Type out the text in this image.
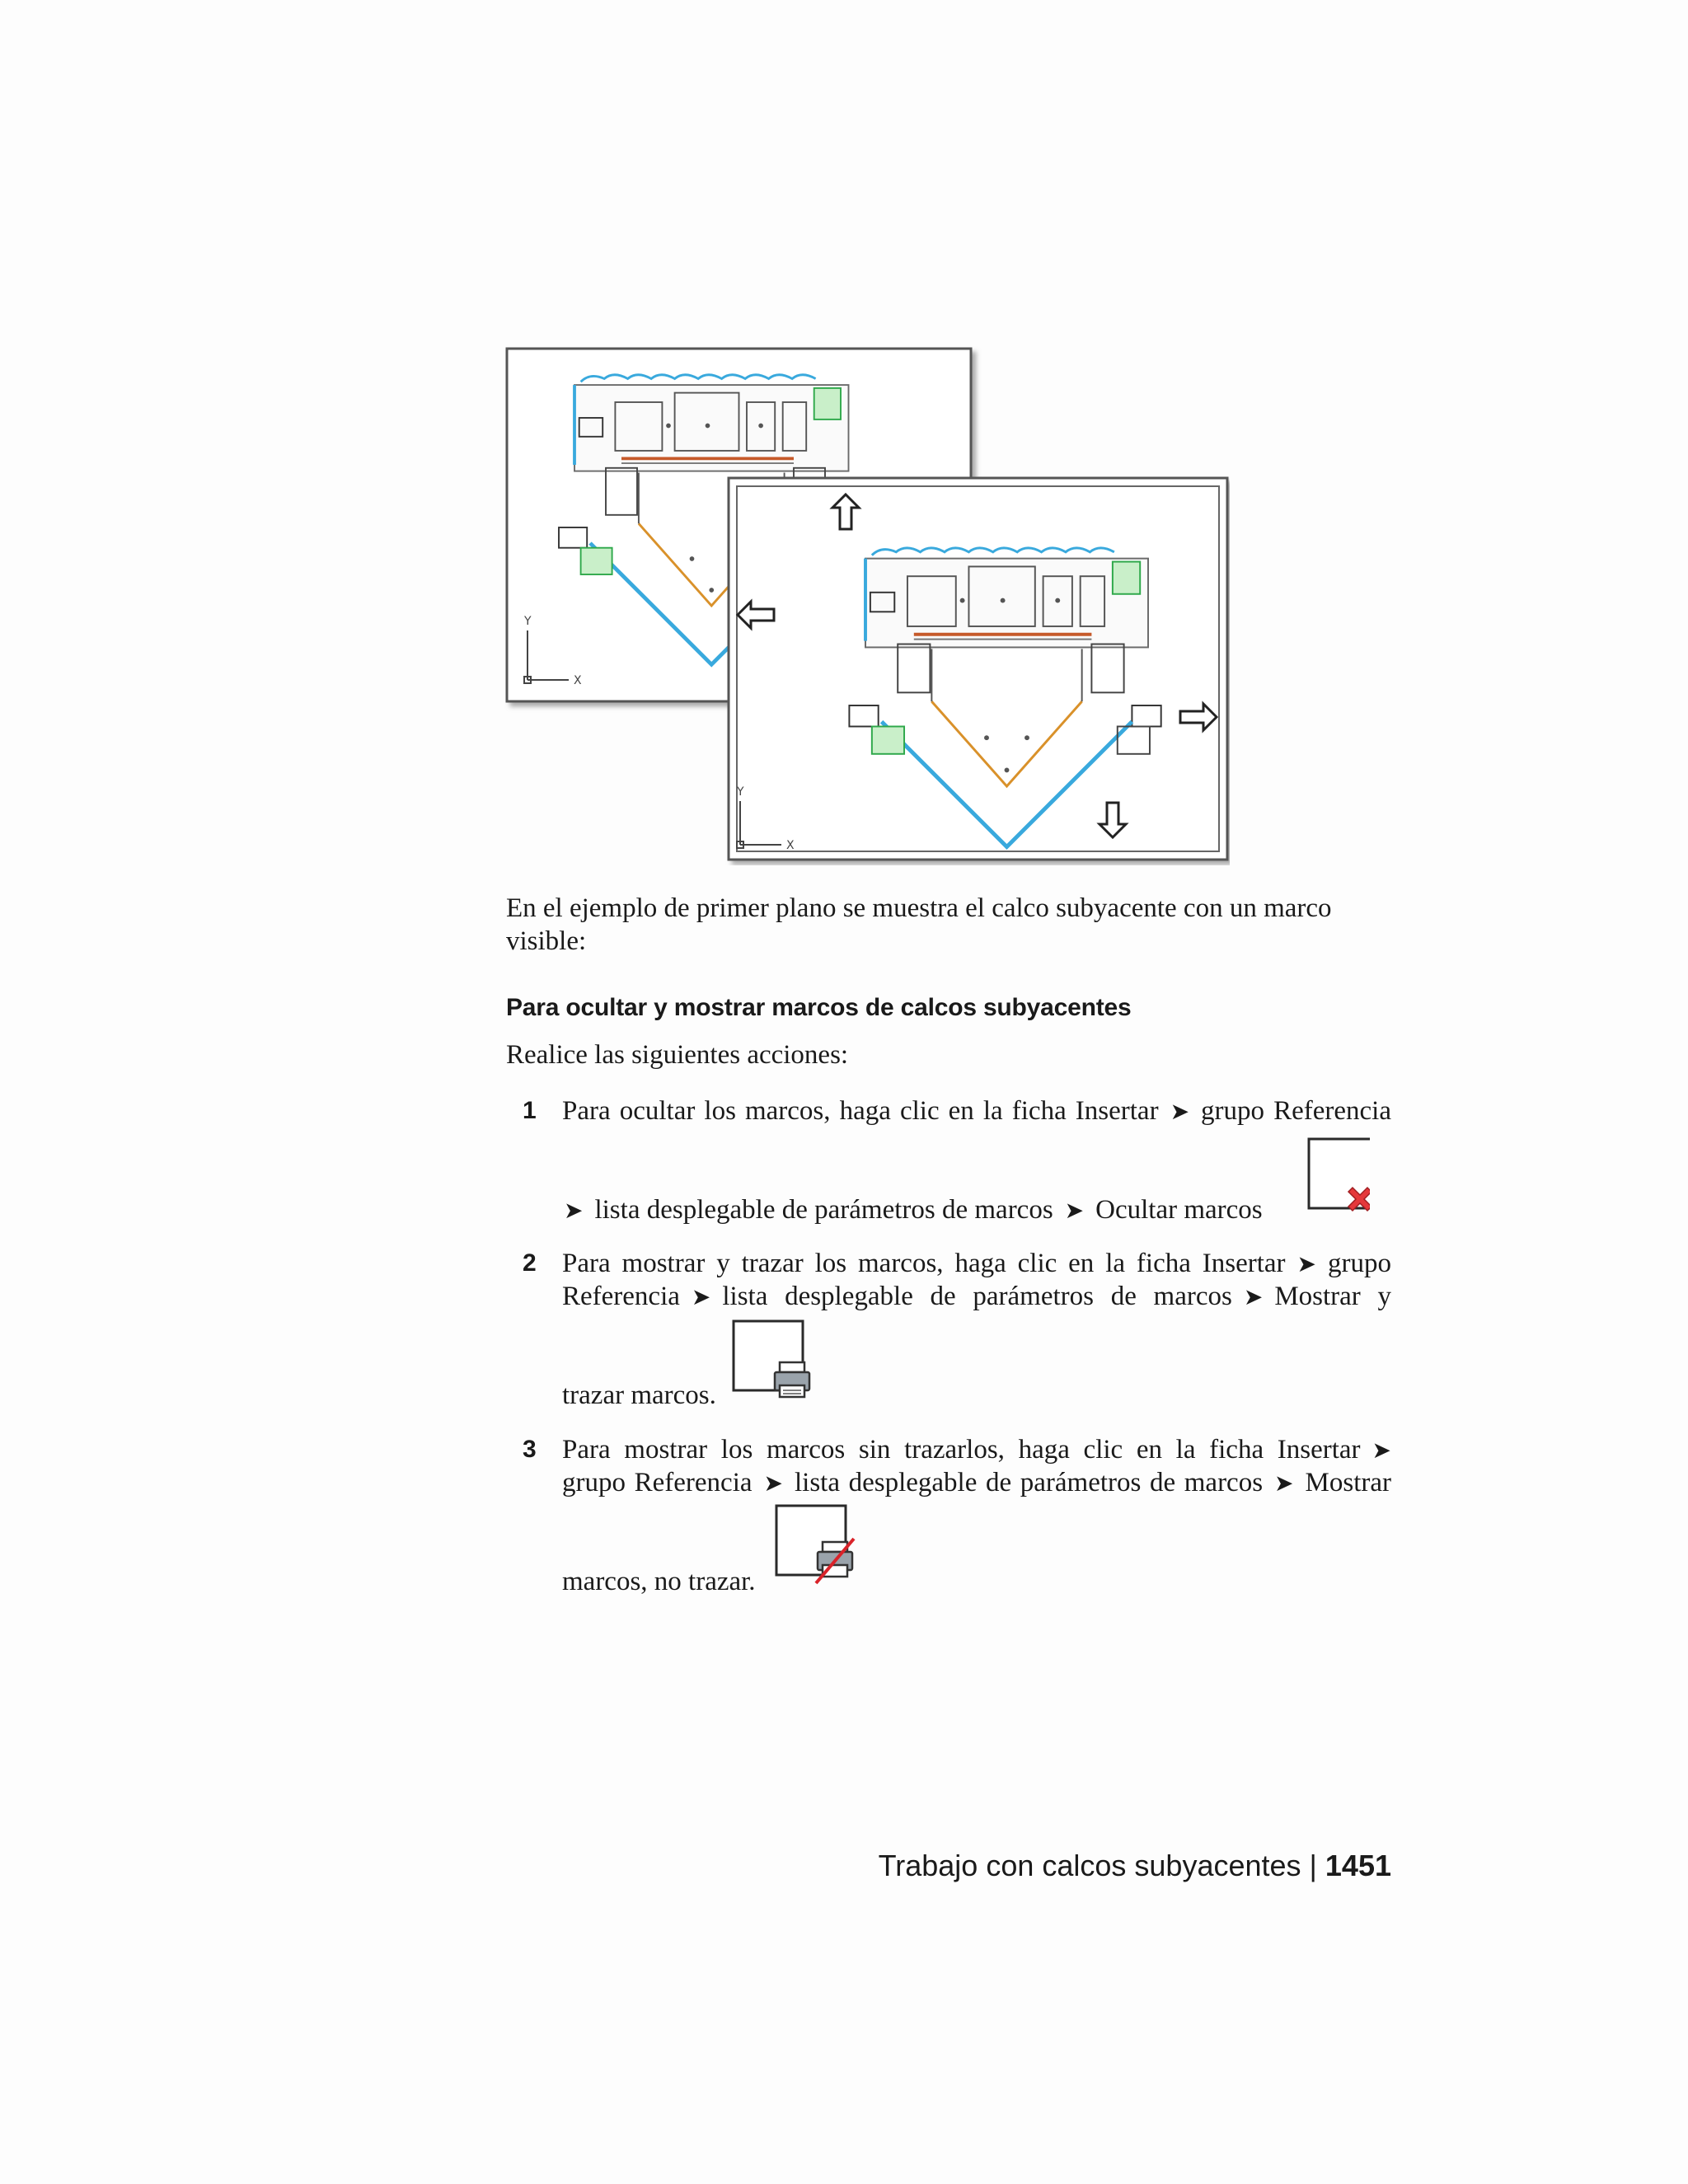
Y
X
Y
X

En el ejemplo de primer plano se muestra el calco subyacente con un marco visible:

Para ocultar y mostrar marcos de calcos subyacentes

Realice las siguientes acciones:

1 Para ocultar los marcos, haga clic en la ficha Insertar ➤ grupo Referencia
➤ lista desplegable de parámetros de marcos ➤ Ocultar marcos
2 Para mostrar y trazar los marcos, haga clic en la ficha Insertar ➤ grupo
Referencia ➤ lista desplegable de parámetros de marcos ➤ Mostrar y
trazar marcos.
3 Para mostrar los marcos sin trazarlos, haga clic en la ficha Insertar ➤
grupo Referencia ➤ lista desplegable de parámetros de marcos ➤ Mostrar
marcos, no trazar.
Trabajo con calcos subyacentes | 1451
